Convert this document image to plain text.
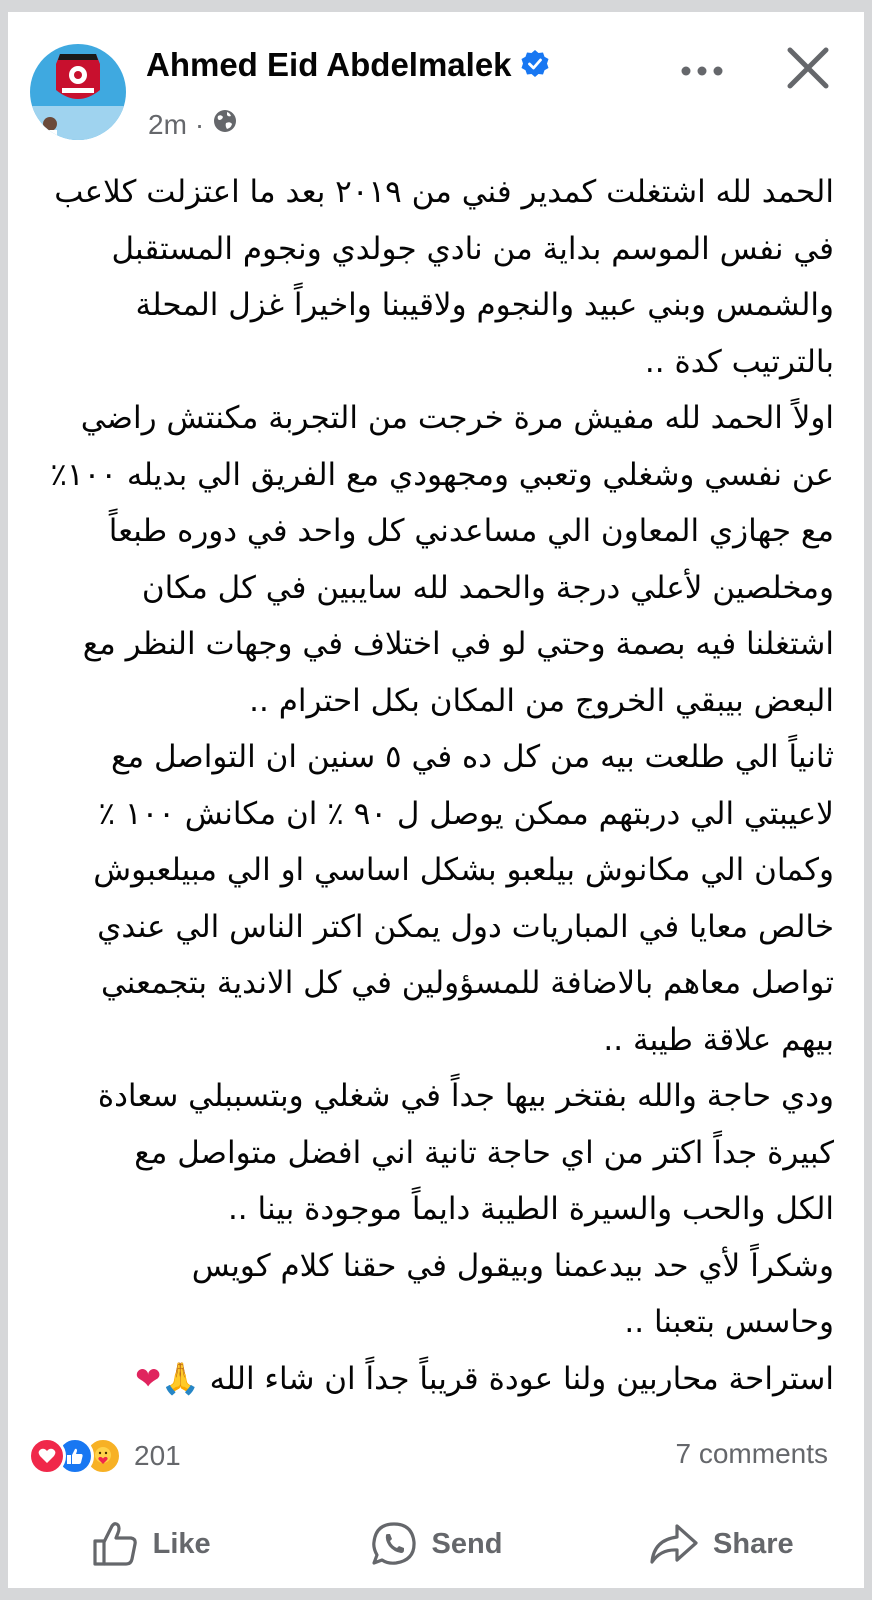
Ahmed Eid Abdelmalek
2m ·

الحمد لله اشتغلت كمدير فني من ٢٠١٩ بعد ما اعتزلت كلاعب

في نفس الموسم بداية من نادي جولدي ونجوم المستقبل

والشمس وبني عبيد والنجوم ولاقيبنا واخيراً غزل المحلة

بالترتيب كدة ..

اولاً الحمد لله مفيش مرة خرجت من التجربة مكنتش راضي

عن نفسي وشغلي وتعبي ومجهودي مع الفريق الي بديله ١٠٠٪

مع جهازي المعاون الي مساعدني كل واحد في دوره طبعاً

ومخلصين لأعلي درجة والحمد لله سايبين في كل مكان

اشتغلنا فيه بصمة وحتي لو في اختلاف في وجهات النظر مع

البعض بيبقي الخروج من المكان بكل احترام ..

ثانياً الي طلعت بيه من كل ده في ٥ سنين ان التواصل مع

لاعيبتي الي دربتهم ممكن يوصل ل ٩٠ ٪ ان مكانش ١٠٠ ٪

وكمان الي مكانوش بيلعبو بشكل اساسي او الي مبيلعبوش

خالص معايا في المباريات دول يمكن اكتر الناس الي عندي

تواصل معاهم بالاضافة للمسؤولين في كل الاندية بتجمعني

بيهم علاقة طيبة ..

ودي حاجة والله بفتخر بيها جداً في شغلي وبتسببلي سعادة

كبيرة جداً اكتر من اي حاجة تانية اني افضل متواصل مع

الكل والحب والسيرة الطيبة دايماً موجودة بينا ..

وشكراً لأي حد بيدعمنا وبيقول في حقنا كلام كويس

وحاسس بتعبنا ..

استراحة محاربين ولنا عودة قريباً جداً ان شاء الله 🙏❤

201	7 comments
Like	Send	Share
